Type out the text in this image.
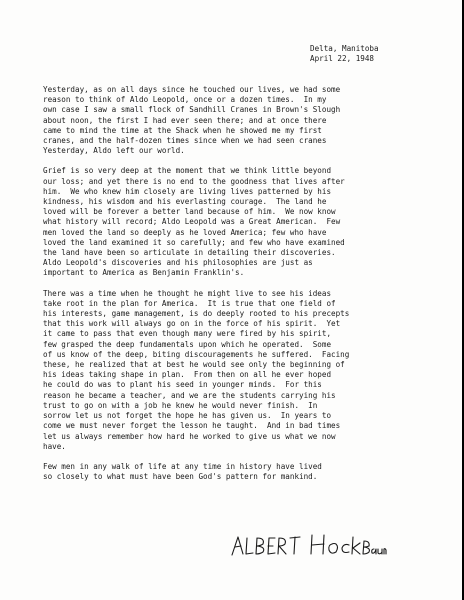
Delta, Manitoba
April 22, 1948
Yesterday, as on all days since he touched our lives, we had some
reason to think of Aldo Leopold, once or a dozen times.  In my
own case I saw a small flock of Sandhill Cranes in Brown's Slough
about noon, the first I had ever seen there; and at once there
came to mind the time at the Shack when he showed me my first
cranes, and the half-dozen times since when we had seen cranes
Yesterday, Aldo left our world.
Grief is so very deep at the moment that we think little beyond
our loss; and yet there is no end to the goodness that lives after
him.  We who knew him closely are living lives patterned by his
kindness, his wisdom and his everlasting courage.  The land he
loved will be forever a better land because of him.  We now know
what history will record; Aldo Leopold was a Great American.  Few
men loved the land so deeply as he loved America; few who have
loved the land examined it so carefully; and few who have examined
the land have been so articulate in detailing their discoveries.
Aldo Leopold's discoveries and his philosophies are just as
important to America as Benjamin Franklin's.
There was a time when he thought he might live to see his ideas
take root in the plan for America.  It is true that one field of
his interests, game management, is do deeply rooted to his precepts
that this work will always go on in the force of his spirit.  Yet
it came to pass that even though many were fired by his spirit,
few grasped the deep fundamentals upon which he operated.  Some
of us know of the deep, biting discouragements he suffered.  Facing
these, he realized that at best he would see only the beginning of
his ideas taking shape in plan.  From then on all he ever hoped
he could do was to plant his seed in younger minds.  For this
reason he became a teacher, and we are the students carrying his
trust to go on with a job he knew he would never finish.  In
sorrow let us not forget the hope he has given us.  In years to
come we must never forget the lesson he taught.  And in bad times
let us always remember how hard he worked to give us what we now
have.
Few men in any walk of life at any time in history have lived
so closely to what must have been God's pattern for mankind.
